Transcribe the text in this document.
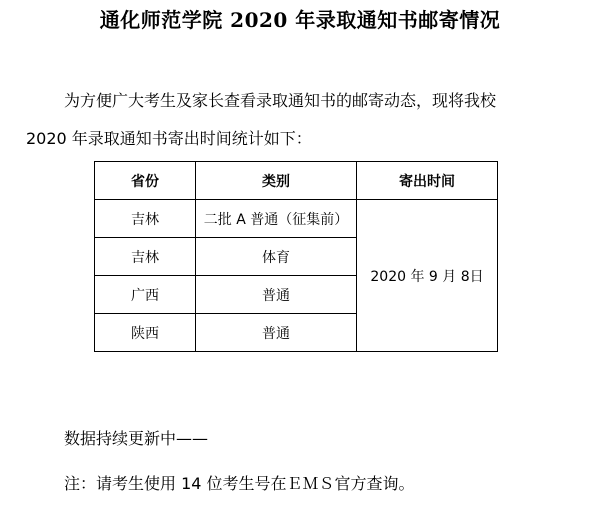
通化师范学院 2020 年录取通知书邮寄情况
为方便广大考生及家长查看录取通知书的邮寄动态，现将我校
2020 年录取通知书寄出时间统计如下：
省份	类别	寄出时间
吉林	二批 A 普通（征集前）	2020 年 9 月 8日
吉林	体育	
广西	普通	
陕西	普通	
数据持续更新中——
注：请考生使用 14 位考生号在ＥＭＳ官方查询。
